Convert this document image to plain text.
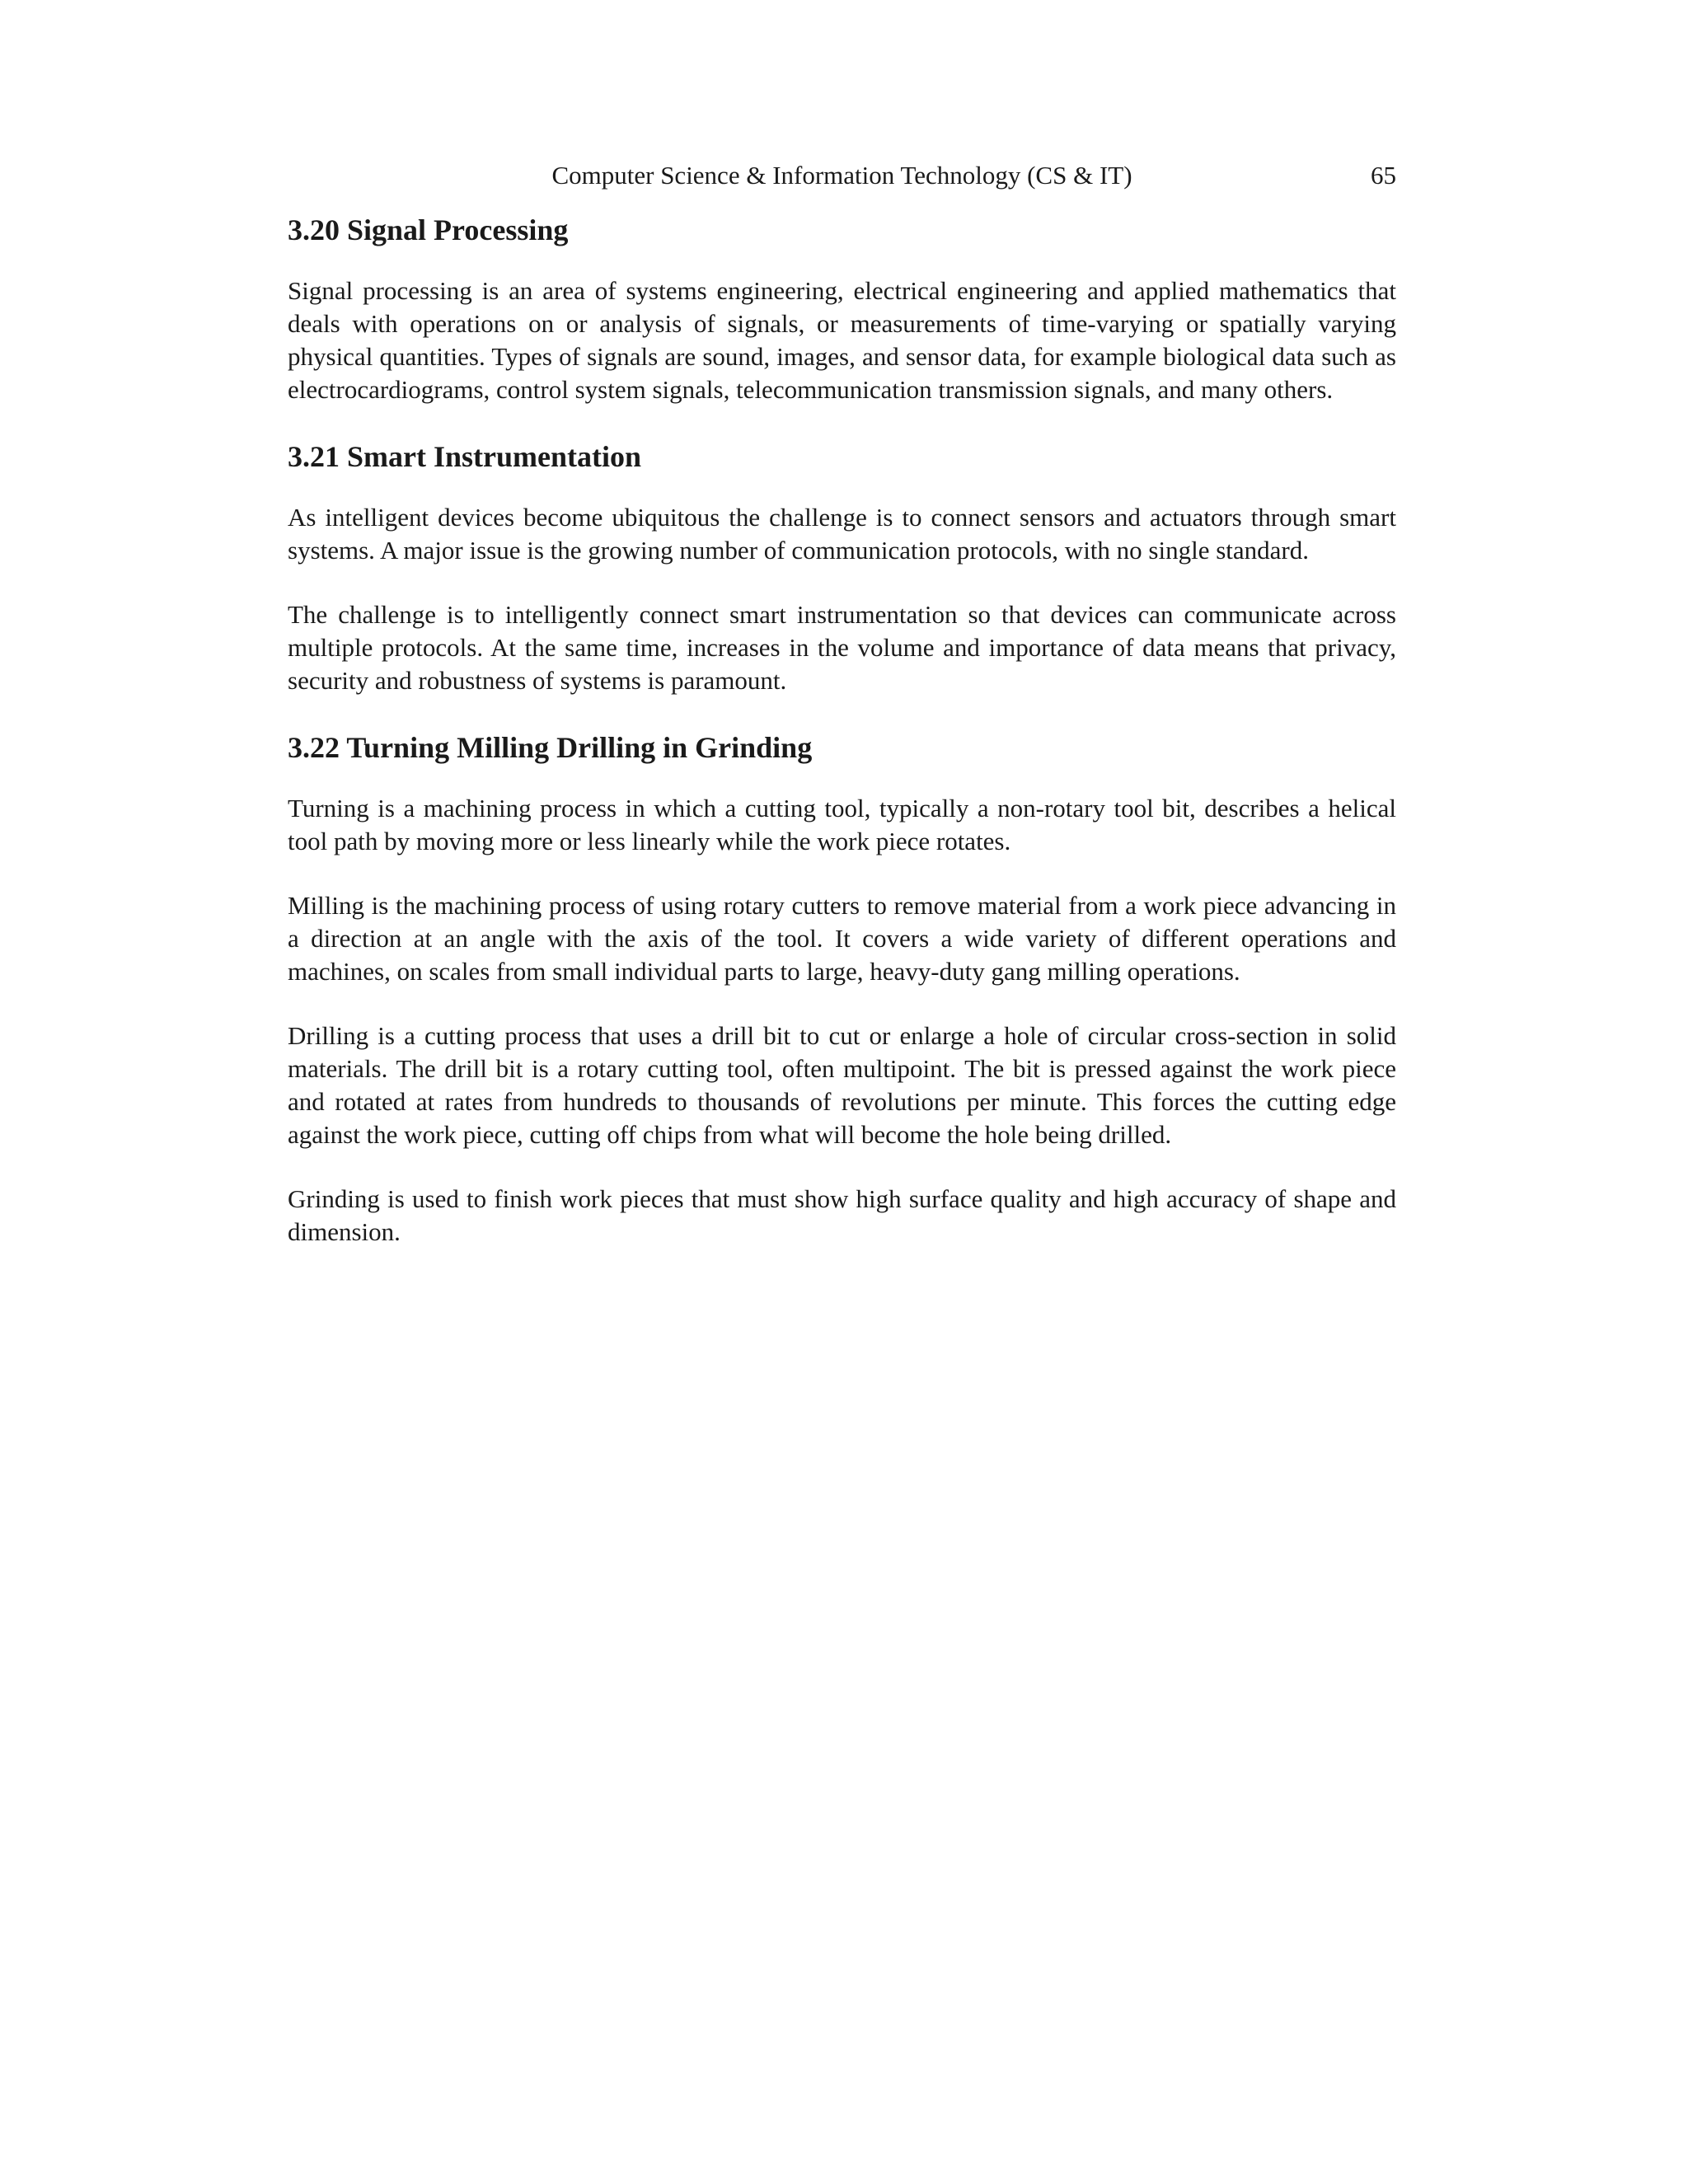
Computer Science & Information Technology (CS & IT)	65
3.20 Signal Processing

Signal processing is an area of systems engineering, electrical engineering and applied mathematics that deals with operations on or analysis of signals, or measurements of time-varying or spatially varying physical quantities. Types of signals are sound, images, and sensor data, for example biological data such as electrocardiograms, control system signals, telecommunication transmission signals, and many others.

3.21 Smart Instrumentation

As intelligent devices become ubiquitous the challenge is to connect sensors and actuators through smart systems. A major issue is the growing number of communication protocols, with no single standard.

The challenge is to intelligently connect smart instrumentation so that devices can communicate across multiple protocols. At the same time, increases in the volume and importance of data means that privacy, security and robustness of systems is paramount.

3.22 Turning Milling Drilling in Grinding

Turning is a machining process in which a cutting tool, typically a non-rotary tool bit, describes a helical tool path by moving more or less linearly while the work piece rotates.

Milling is the machining process of using rotary cutters to remove material from a work piece advancing in a direction at an angle with the axis of the tool. It covers a wide variety of different operations and machines, on scales from small individual parts to large, heavy-duty gang milling operations.

Drilling is a cutting process that uses a drill bit to cut or enlarge a hole of circular cross-section in solid materials. The drill bit is a rotary cutting tool, often multipoint. The bit is pressed against the work piece and rotated at rates from hundreds to thousands of revolutions per minute. This forces the cutting edge against the work piece, cutting off chips from what will become the hole being drilled.

Grinding is used to finish work pieces that must show high surface quality and high accuracy of shape and dimension.
